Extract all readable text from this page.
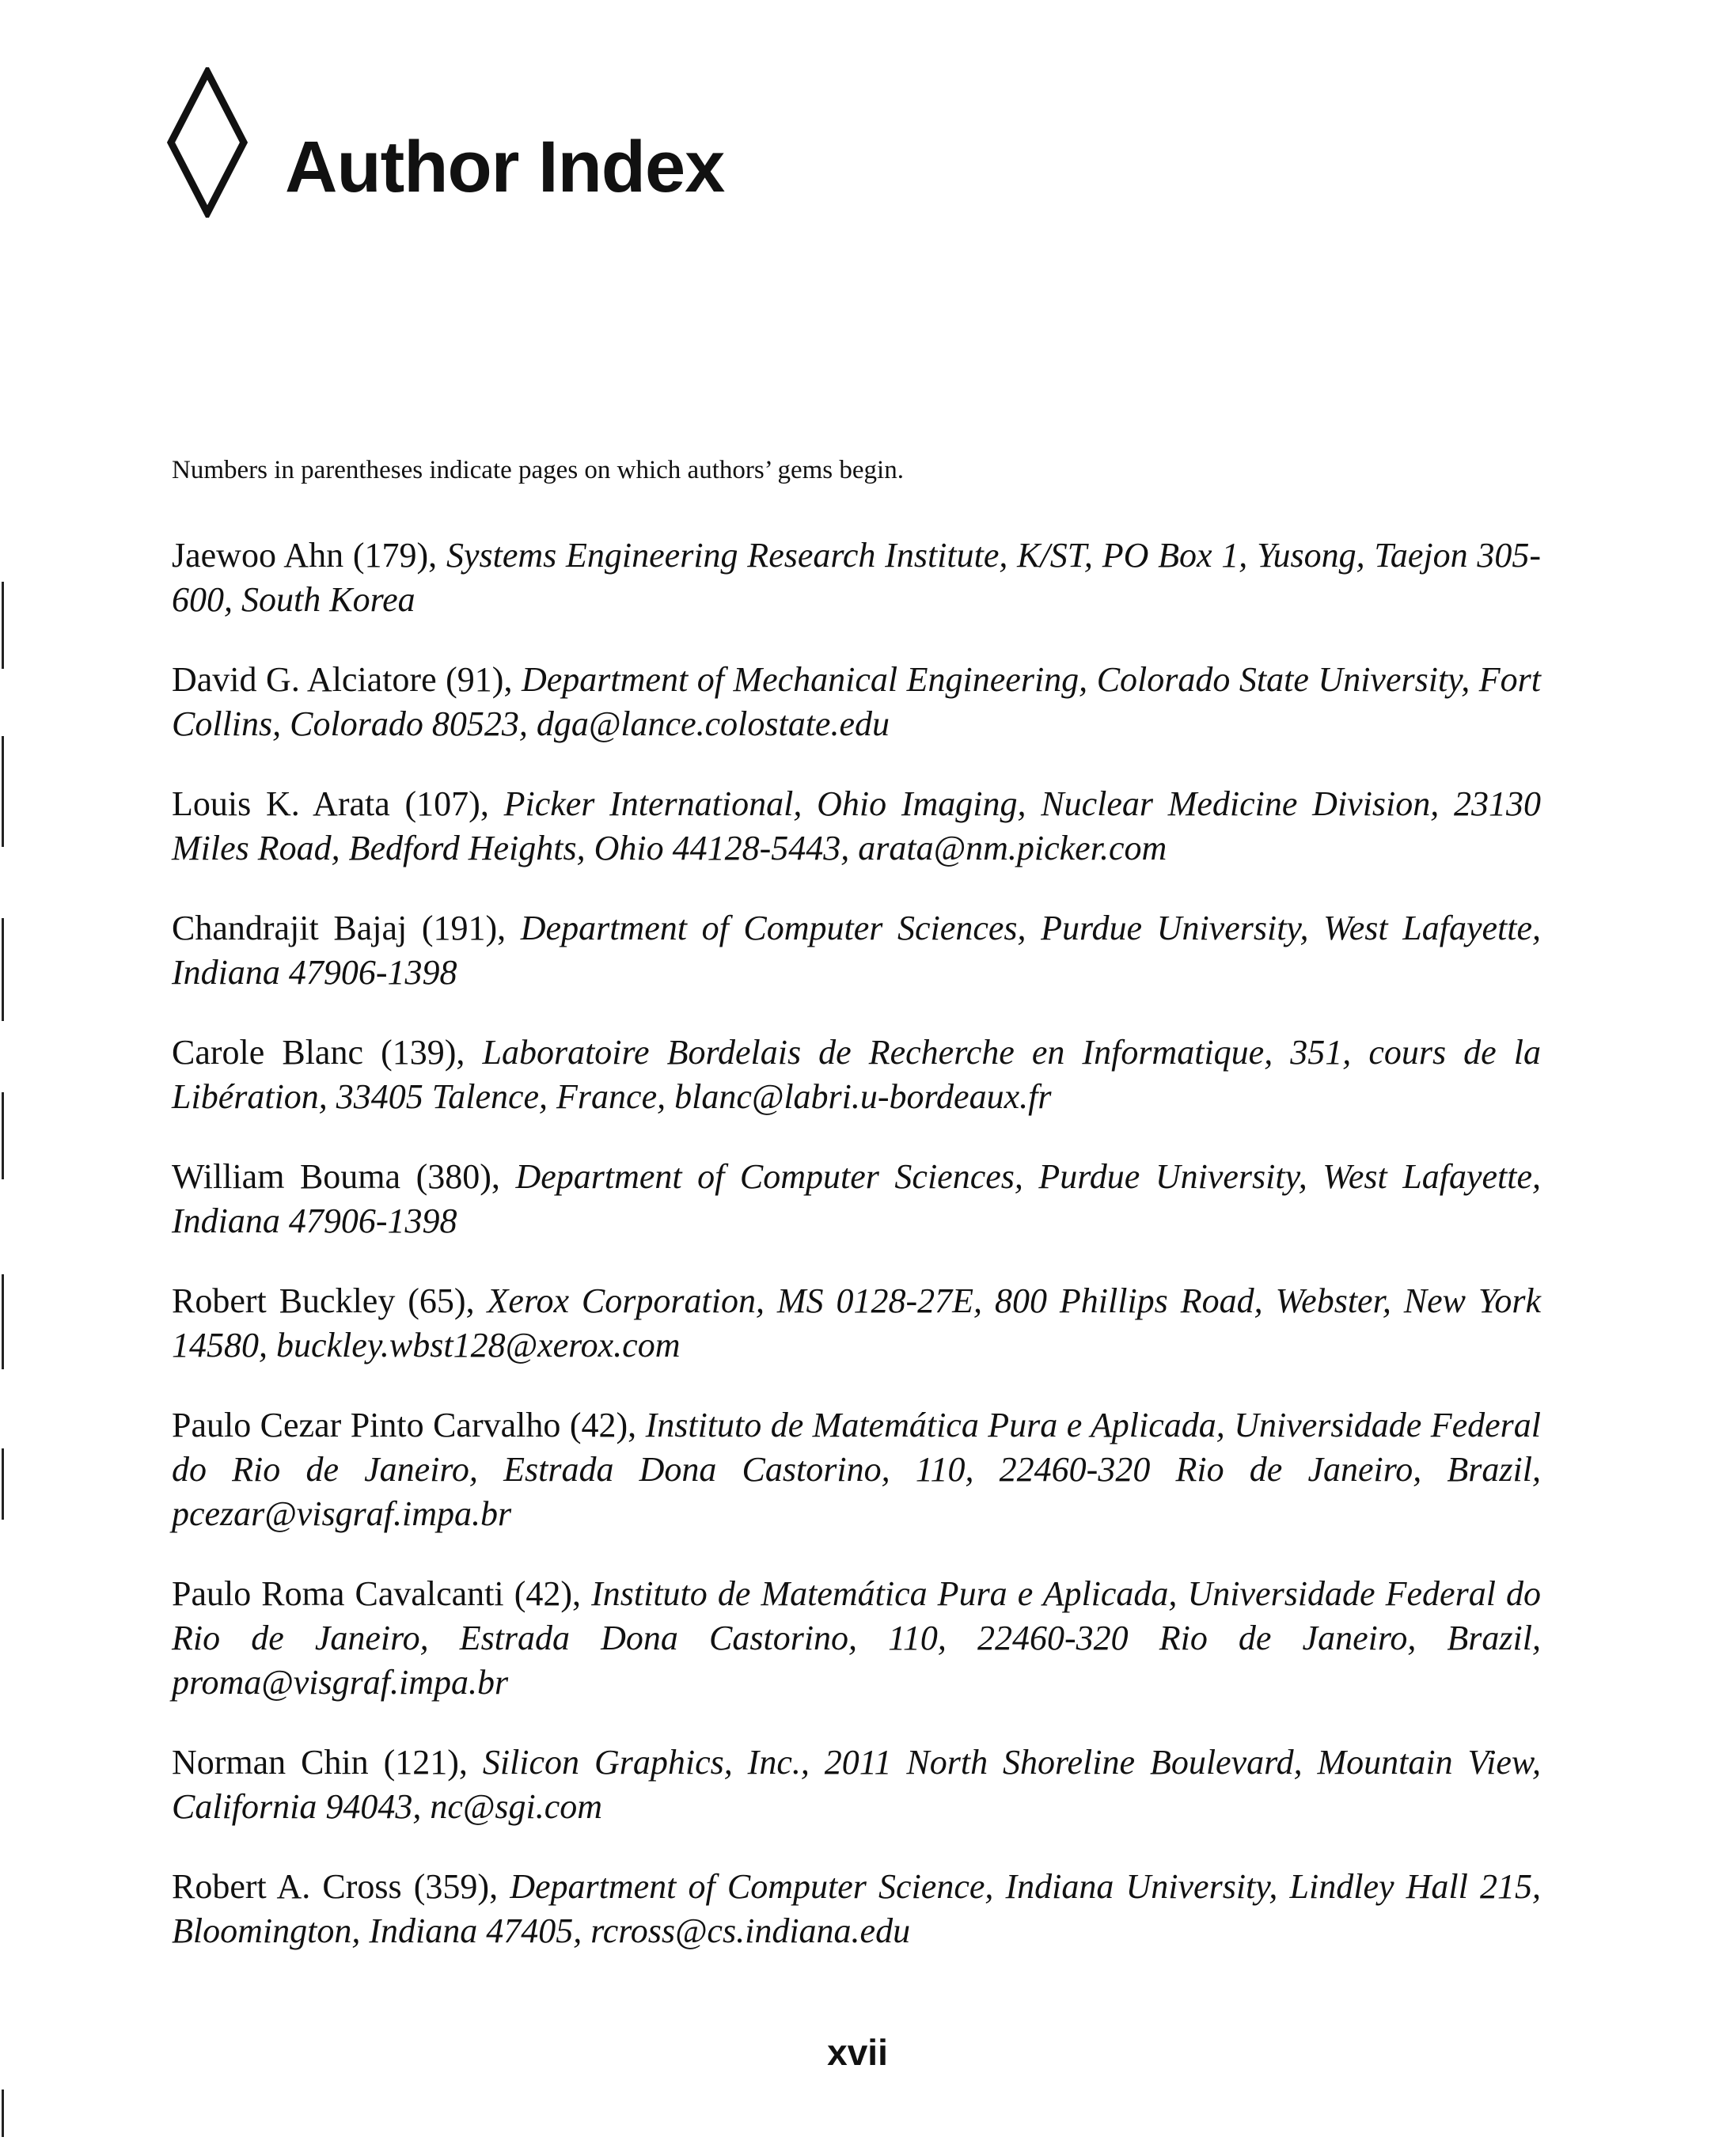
Author Index

Numbers in parentheses indicate pages on which authors’ gems begin.

Jaewoo Ahn (179), Systems Engineering Research Institute, K/ST, PO Box 1, Yusong, Taejon 305-600, South Korea

David G. Alciatore (91), Department of Mechanical Engineering, Colorado State University, Fort Collins, Colorado 80523, dga@lance.colostate.edu

Louis K. Arata (107), Picker International, Ohio Imaging, Nuclear Medicine Division, 23130 Miles Road, Bedford Heights, Ohio 44128-5443, arata@nm.picker.com

Chandrajit Bajaj (191), Department of Computer Sciences, Purdue University, West Lafayette, Indiana 47906-1398

Carole Blanc (139), Laboratoire Bordelais de Recherche en Informatique, 351, cours de la Libération, 33405 Talence, France, blanc@labri.u-bordeaux.fr

William Bouma (380), Department of Computer Sciences, Purdue University, West Lafayette, Indiana 47906-1398

Robert Buckley (65), Xerox Corporation, MS 0128-27E, 800 Phillips Road, Webster, New York 14580, buckley.wbst128@xerox.com

Paulo Cezar Pinto Carvalho (42), Instituto de Matemática Pura e Aplicada, Universidade Federal do Rio de Janeiro, Estrada Dona Castorino, 110, 22460-320 Rio de Janeiro, Brazil, pcezar@visgraf.impa.br

Paulo Roma Cavalcanti (42), Instituto de Matemática Pura e Aplicada, Universidade Federal do Rio de Janeiro, Estrada Dona Castorino, 110, 22460-320 Rio de Janeiro, Brazil, proma@visgraf.impa.br

Norman Chin (121), Silicon Graphics, Inc., 2011 North Shoreline Boulevard, Mountain View, California 94043, nc@sgi.com

Robert A. Cross (359), Department of Computer Science, Indiana University, Lindley Hall 215, Bloomington, Indiana 47405, rcross@cs.indiana.edu

xvii
